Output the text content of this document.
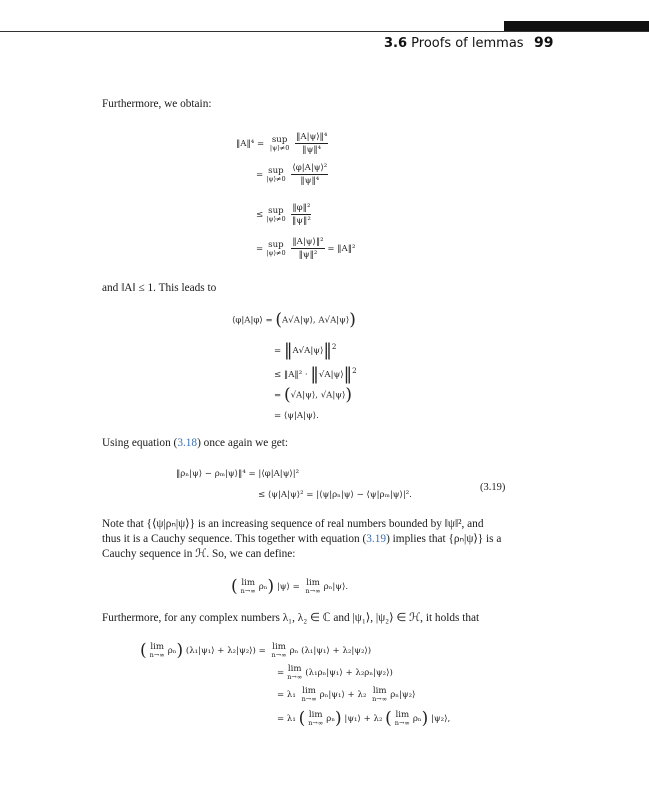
3.6 Proofs of lemmas 99
Furthermore, we obtain:
‖A‖⁴ = sup
|ψ⟩≠0
$\frac{\text{‖A|ψ⟩‖⁴}}{\text{‖ψ‖⁴}}$
= sup
|ψ⟩≠0
$\frac{\text{⟨φ|A|ψ⟩²}}{\text{‖ψ‖⁴}}$
≤ sup
|ψ⟩≠0
$\frac{\text{‖φ‖²}}{\text{‖ψ‖²}}$
= sup
|ψ⟩≠0
$\frac{\text{‖A|ψ⟩‖²}}{\text{‖ψ‖²}}$ = ‖A‖²
and ‖A‖ ≤ 1. This leads to
⟨φ|A|φ⟩ = (A√A|ψ⟩, A√A|ψ⟩)
= ‖A√A|ψ⟩‖$^2$
≤ ‖A‖² · ‖√A|ψ⟩‖$^2$
= (√A|ψ⟩, √A|ψ⟩)
= ⟨ψ|A|ψ⟩.
Using equation (3.18) once again we get:
‖ρₙ|ψ⟩ − ρₘ|ψ⟩‖⁴ = |⟨φ|A|ψ⟩|²
≤ ⟨ψ|A|ψ⟩² = |⟨ψ|ρₙ|ψ⟩ − ⟨ψ|ρₘ|ψ⟩|².
(3.19)
Note that {⟨ψ|ρₙ|ψ⟩} is an increasing sequence of real numbers bounded by ‖ψ‖², and thus it is a Cauchy sequence. This together with equation (3.19) implies that {ρₙ|ψ⟩} is a Cauchy sequence in ℋ. So, we can define:
( lim
n→∞ ρₙ) |ψ⟩ = lim
n→∞ ρₙ|ψ⟩.
Furthermore, for any complex numbers λ₁, λ₂ ∈ ℂ and |ψ₁⟩, |ψ₂⟩ ∈ ℋ, it holds that
( lim
n→∞ ρₙ) (λ₁|ψ₁⟩ + λ₂|ψ₂⟩) = lim
n→∞ ρₙ (λ₁|ψ₁⟩ + λ₂|ψ₂⟩)
= lim
n→∞ (λ₁ρₙ|ψ₁⟩ + λ₂ρₙ|ψ₂⟩)
= λ₁ lim
n→∞ ρₙ|ψ₁⟩ + λ₂ lim
n→∞ ρₙ|ψ₂⟩
= λ₁ ( lim
n→∞ ρₙ) |ψ₁⟩ + λ₂ ( lim
n→∞ ρₙ) |ψ₂⟩,
